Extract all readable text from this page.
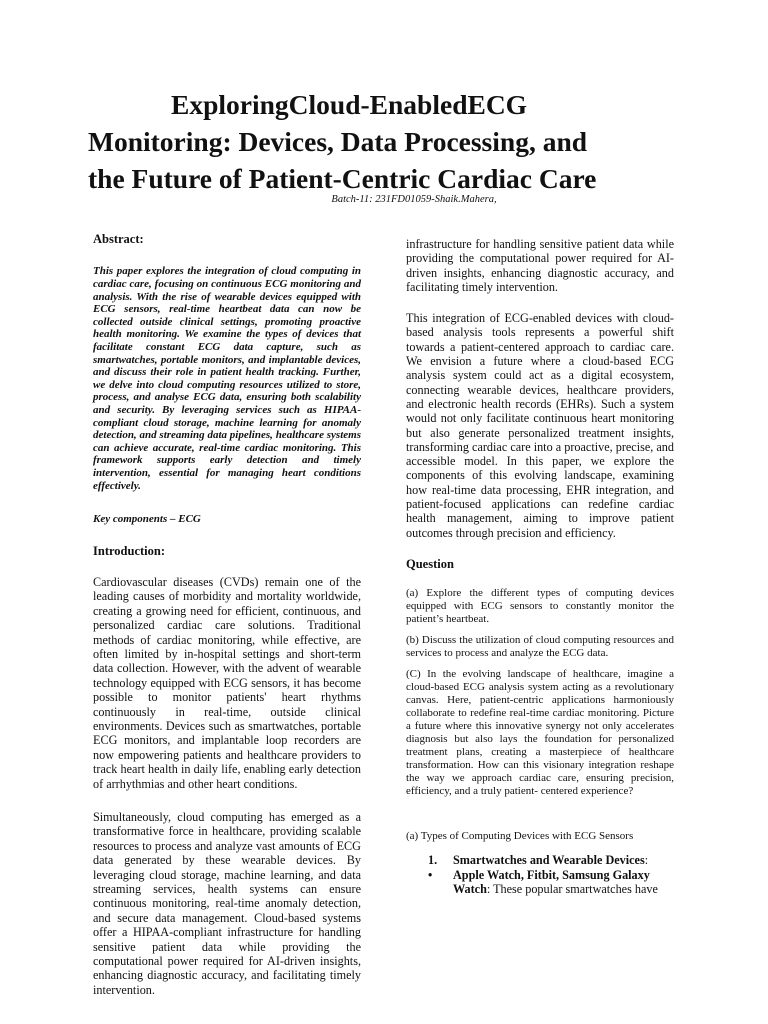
ExploringCloud-EnabledECG
Monitoring: Devices, Data Processing, and
the Future of Patient-Centric Cardiac Care
Batch-11: 231FD01059-Shaik.Mahera,
Abstract:

This paper explores the integration of cloud computing in cardiac care, focusing on continuous ECG monitoring and analysis. With the rise of wearable devices equipped with ECG sensors, real-time heartbeat data can now be collected outside clinical settings, promoting proactive health monitoring. We examine the types of devices that facilitate constant ECG data capture, such as smartwatches, portable monitors, and implantable devices, and discuss their role in patient health tracking. Further, we delve into cloud computing resources utilized to store, process, and analyse ECG data, ensuring both scalability and security. By leveraging services such as HIPAA-compliant cloud storage, machine learning for anomaly detection, and streaming data pipelines, healthcare systems can achieve accurate, real-time cardiac monitoring. This framework supports early detection and timely intervention, essential for managing heart conditions effectively.

Key components – ECG

Introduction:

Cardiovascular diseases (CVDs) remain one of the leading causes of morbidity and mortality worldwide, creating a growing need for efficient, continuous, and personalized cardiac care solutions. Traditional methods of cardiac monitoring, while effective, are often limited by in-hospital settings and short-term data collection. However, with the advent of wearable technology equipped with ECG sensors, it has become possible to monitor patients' heart rhythms continuously in real-time, outside clinical environments. Devices such as smartwatches, portable ECG monitors, and implantable loop recorders are now empowering patients and healthcare providers to track heart health in daily life, enabling early detection of arrhythmias and other heart conditions.

Simultaneously, cloud computing has emerged as a transformative force in healthcare, providing scalable resources to process and analyze vast amounts of ECG data generated by these wearable devices. By leveraging cloud storage, machine learning, and data streaming services, health systems can ensure continuous monitoring, real-time anomaly detection, and secure data management. Cloud-based systems offer a HIPAA-compliant infrastructure for handling sensitive patient data while providing the computational power required for AI-driven insights, enhancing diagnostic accuracy, and facilitating timely intervention.

infrastructure for handling sensitive patient data while providing the computational power required for AI-driven insights, enhancing diagnostic accuracy, and facilitating timely intervention.

This integration of ECG-enabled devices with cloud-based analysis tools represents a powerful shift towards a patient-centered approach to cardiac care. We envision a future where a cloud-based ECG analysis system could act as a digital ecosystem, connecting wearable devices, healthcare providers, and electronic health records (EHRs). Such a system would not only facilitate continuous heart monitoring but also generate personalized treatment insights, transforming cardiac care into a proactive, precise, and accessible model. In this paper, we explore the components of this evolving landscape, examining how real-time data processing, EHR integration, and patient-focused applications can redefine cardiac health management, aiming to improve patient outcomes through precision and efficiency.

Question

(a) Explore the different types of computing devices equipped with ECG sensors to constantly monitor the patient’s heartbeat.

(b) Discuss the utilization of cloud computing resources and services to process and analyze the ECG data.

(C) In the evolving landscape of healthcare, imagine a cloud-based ECG analysis system acting as a revolutionary canvas. Here, patient-centric applications harmoniously collaborate to redefine real-time cardiac monitoring. Picture a future where this innovative synergy not only accelerates diagnosis but also lays the foundation for personalized treatment plans, creating a masterpiece of healthcare transformation. How can this visionary integration reshape the way we approach cardiac care, ensuring precision, efficiency, and a truly patient- centered experience?

(a) Types of Computing Devices with ECG Sensors

1. Smartwatches and Wearable Devices:
• Apple Watch, Fitbit, Samsung Galaxy Watch: These popular smartwatches have
